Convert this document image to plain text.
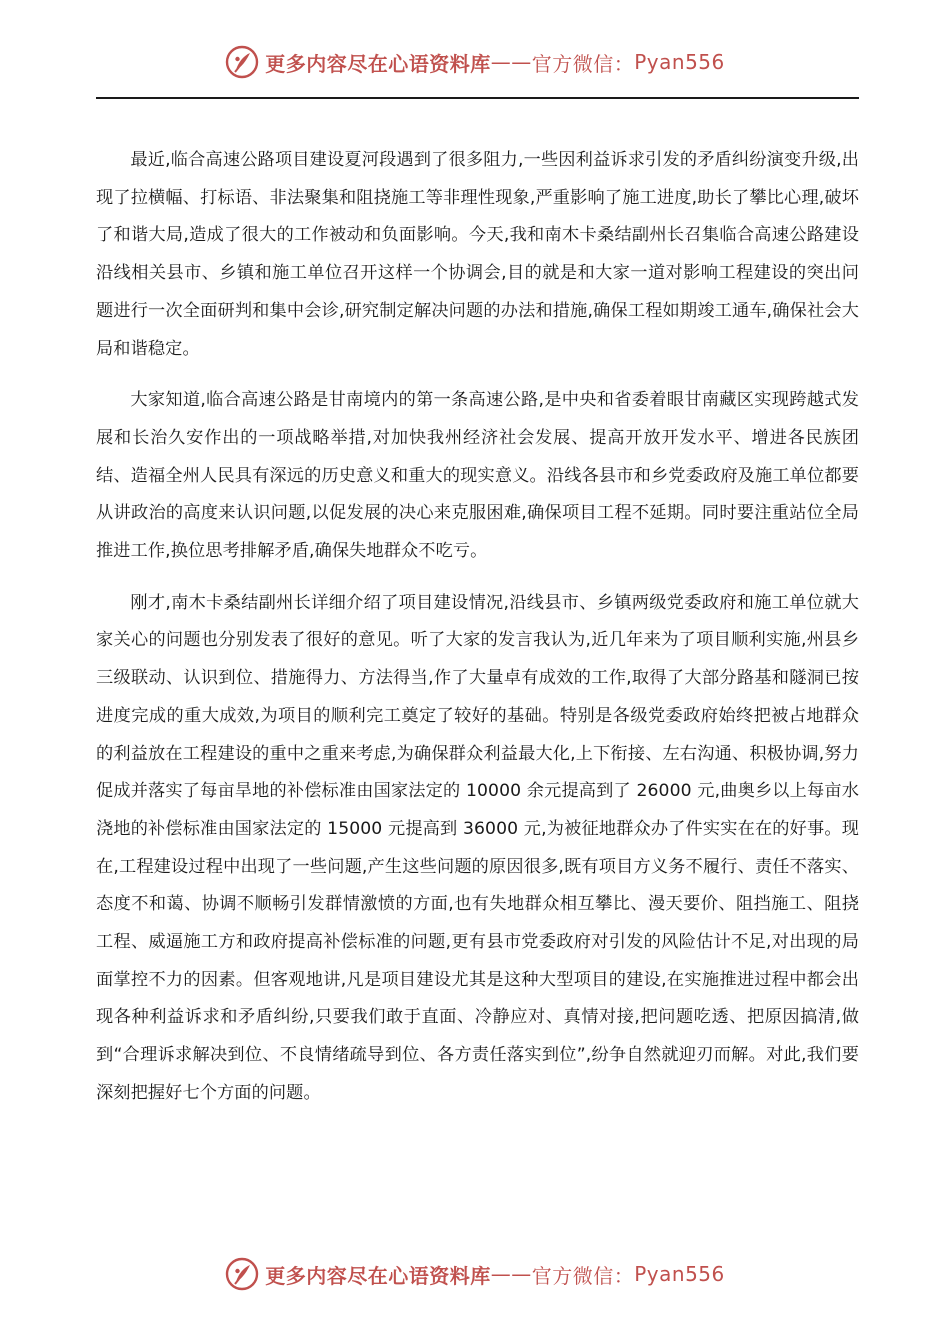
更多内容尽在心语资料库 —— 官方微信： Pyan556

最近,临合高速公路项目建设夏河段遇到了很多阻力,一些因利益诉求引发的矛盾纠纷演变升级,出现了拉横幅、打标语、非法聚集和阻挠施工等非理性现象,严重影响了施工进度,助长了攀比心理,破坏了和谐大局,造成了很大的工作被动和负面影响。今天,我和南木卡桑结副州长召集临合高速公路建设沿线相关县市、乡镇和施工单位召开这样一个协调会,目的就是和大家一道对影响工程建设的突出问题进行一次全面研判和集中会诊,研究制定解决问题的办法和措施,确保工程如期竣工通车,确保社会大局和谐稳定。

大家知道,临合高速公路是甘南境内的第一条高速公路,是中央和省委着眼甘南藏区实现跨越式发展和长治久安作出的一项战略举措,对加快我州经济社会发展、提高开放开发水平、增进各民族团结、造福全州人民具有深远的历史意义和重大的现实意义。沿线各县市和乡党委政府及施工单位都要从讲政治的高度来认识问题,以促发展的决心来克服困难,确保项目工程不延期。同时要注重站位全局推进工作,换位思考排解矛盾,确保失地群众不吃亏。

刚才,南木卡桑结副州长详细介绍了项目建设情况,沿线县市、乡镇两级党委政府和施工单位就大家关心的问题也分别发表了很好的意见。听了大家的发言我认为,近几年来为了项目顺利实施,州县乡三级联动、认识到位、措施得力、方法得当,作了大量卓有成效的工作,取得了大部分路基和隧洞已按进度完成的重大成效,为项目的顺利完工奠定了较好的基础。特别是各级党委政府始终把被占地群众的利益放在工程建设的重中之重来考虑,为确保群众利益最大化,上下衔接、左右沟通、积极协调,努力促成并落实了每亩旱地的补偿标准由国家法定的 10000 余元提高到了 26000 元,曲奥乡以上每亩水浇地的补偿标准由国家法定的 15000 元提高到 36000 元,为被征地群众办了件实实在在的好事。现在,工程建设过程中出现了一些问题,产生这些问题的原因很多,既有项目方义务不履行、责任不落实、态度不和蔼、协调不顺畅引发群情激愤的方面,也有失地群众相互攀比、漫天要价、阻挡施工、阻挠工程、威逼施工方和政府提高补偿标准的问题,更有县市党委政府对引发的风险估计不足,对出现的局面掌控不力的因素。但客观地讲,凡是项目建设尤其是这种大型项目的建设,在实施推进过程中都会出现各种利益诉求和矛盾纠纷,只要我们敢于直面、冷静应对、真情对接,把问题吃透、把原因搞清,做到“合理诉求解决到位、不良情绪疏导到位、各方责任落实到位”,纷争自然就迎刃而解。对此,我们要深刻把握好七个方面的问题。

更多内容尽在心语资料库 —— 官方微信： Pyan556
